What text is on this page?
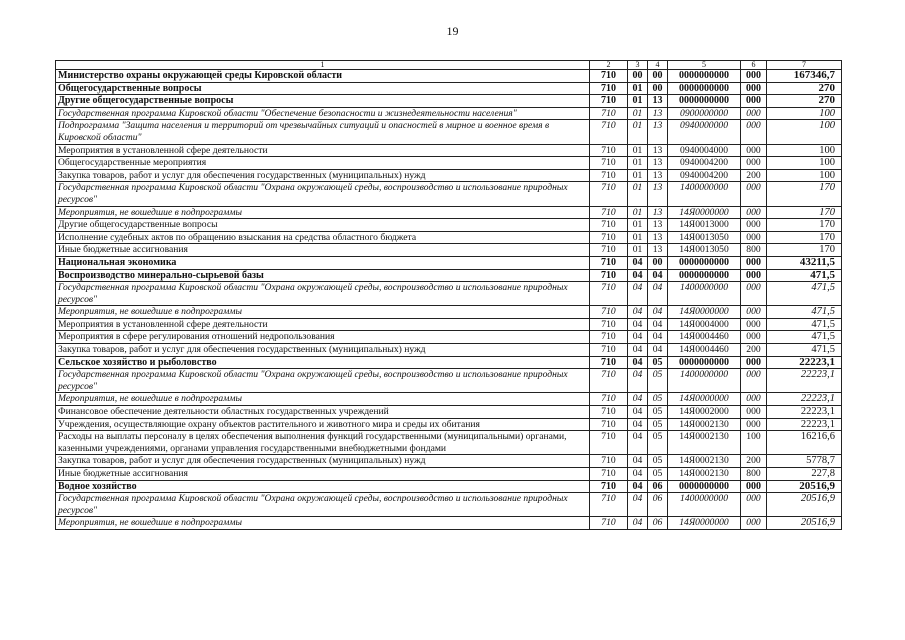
19
1	2	3	4	5	6	7
Министерство охраны окружающей среды Кировской области	710	00	00	0000000000	000	167346,7
Общегосударственные вопросы	710	01	00	0000000000	000	270
Другие общегосударственные вопросы	710	01	13	0000000000	000	270
Государственная программа Кировской области "Обеспечение безопасности и жизнедеятельности населения"	710	01	13	0900000000	000	100
Подпрограмма "Защита населения и территорий от чрезвычайных ситуаций и опасностей в мирное и военное время в Кировской области"	710	01	13	0940000000	000	100
Мероприятия в установленной сфере деятельности	710	01	13	0940004000	000	100
Общегосударственные мероприятия	710	01	13	0940004200	000	100
Закупка товаров, работ и услуг для обеспечения государственных (муниципальных) нужд	710	01	13	0940004200	200	100
Государственная программа Кировской области "Охрана окружающей среды, воспроизводство и использование природных ресурсов"	710	01	13	1400000000	000	170
Мероприятия, не вошедшие в подпрограммы	710	01	13	14Я0000000	000	170
Другие общегосударственные вопросы	710	01	13	14Я0013000	000	170
Исполнение судебных актов по обращению взыскания на средства областного бюджета	710	01	13	14Я0013050	000	170
Иные бюджетные ассигнования	710	01	13	14Я0013050	800	170
Национальная экономика	710	04	00	0000000000	000	43211,5
Воспроизводство минерально-сырьевой базы	710	04	04	0000000000	000	471,5
Государственная программа Кировской области "Охрана окружающей среды, воспроизводство и использование природных ресурсов"	710	04	04	1400000000	000	471,5
Мероприятия, не вошедшие в подпрограммы	710	04	04	14Я0000000	000	471,5
Мероприятия в установленной сфере деятельности	710	04	04	14Я0004000	000	471,5
Мероприятия в сфере регулирования отношений недропользования	710	04	04	14Я0004460	000	471,5
Закупка товаров, работ и услуг для обеспечения государственных (муниципальных) нужд	710	04	04	14Я0004460	200	471,5
Сельское хозяйство и рыболовство	710	04	05	0000000000	000	22223,1
Государственная программа Кировской области "Охрана окружающей среды, воспроизводство и использование природных ресурсов"	710	04	05	1400000000	000	22223,1
Мероприятия, не вошедшие в подпрограммы	710	04	05	14Я0000000	000	22223,1
Финансовое обеспечение деятельности областных государственных учреждений	710	04	05	14Я0002000	000	22223,1
Учреждения, осуществляющие охрану объектов растительного и животного мира и среды их обитания	710	04	05	14Я0002130	000	22223,1
Расходы на выплаты персоналу в целях обеспечения выполнения функций государственными (муниципальными) органами, казенными учреждениями, органами управления государственными внебюджетными фондами	710	04	05	14Я0002130	100	16216,6
Закупка товаров, работ и услуг для обеспечения государственных (муниципальных) нужд	710	04	05	14Я0002130	200	5778,7
Иные бюджетные ассигнования	710	04	05	14Я0002130	800	227,8
Водное хозяйство	710	04	06	0000000000	000	20516,9
Государственная программа Кировской области "Охрана окружающей среды, воспроизводство и использование природных ресурсов"	710	04	06	1400000000	000	20516,9
Мероприятия, не вошедшие в подпрограммы	710	04	06	14Я0000000	000	20516,9
